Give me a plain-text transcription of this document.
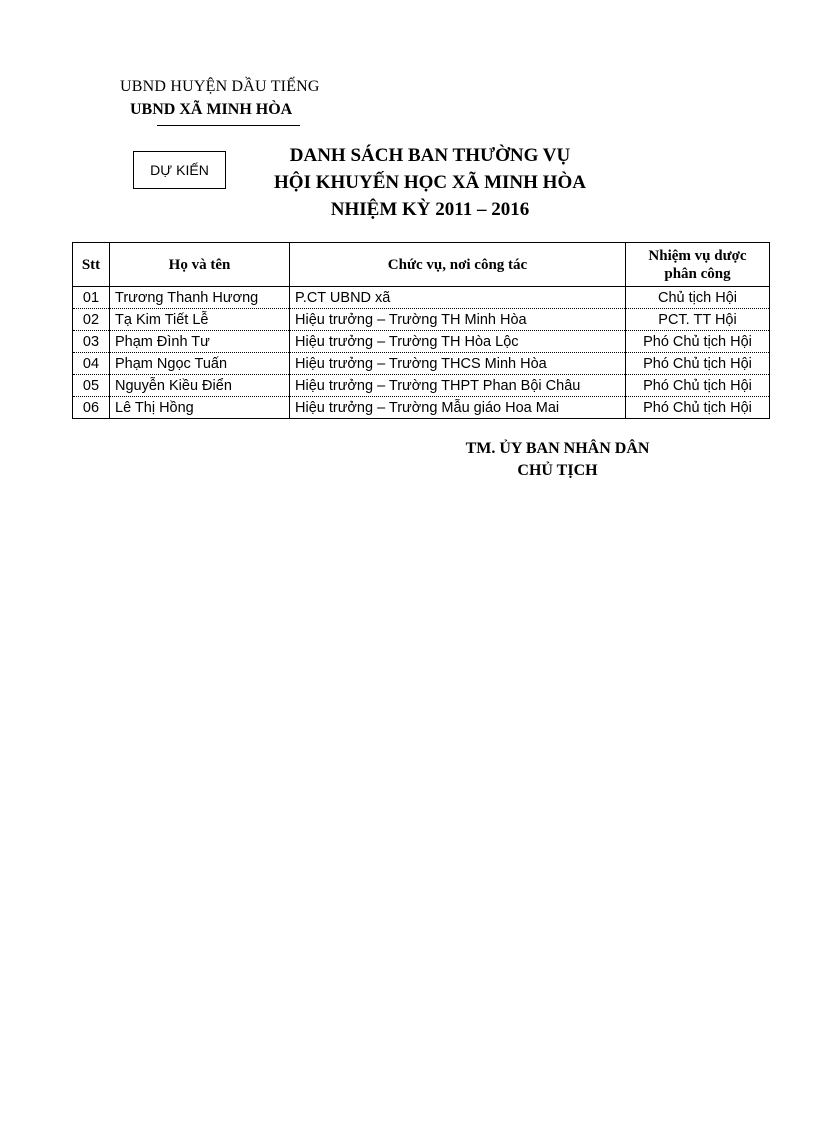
UBND HUYỆN DẦU TIẾNG
UBND XÃ MINH HÒA
DỰ KIẾN
DANH SÁCH BAN THƯỜNG VỤ
HỘI KHUYẾN HỌC XÃ MINH HÒA
NHIỆM KỲ 2011 – 2016
Stt	Họ và tên	Chức vụ, nơi công tác	Nhiệm vụ dược
phân công

01	Trương Thanh Hương	P.CT UBND xã	Chủ tịch Hội
02	Tạ Kim Tiết Lễ	Hiệu trưởng – Trường TH Minh Hòa	PCT. TT Hội
03	Phạm Đình Tư	Hiệu trưởng – Trường TH Hòa Lộc	Phó Chủ tịch Hội
04	Phạm Ngọc Tuấn	Hiệu trưởng – Trường THCS Minh Hòa	Phó Chủ tịch Hội
05	Nguyễn Kiều Điển	Hiệu trưởng – Trường THPT Phan Bội Châu	Phó Chủ tịch Hội
06	Lê Thị Hồng	Hiệu trưởng – Trường Mẫu giáo Hoa Mai	Phó Chủ tịch Hội
TM. ỦY BAN NHÂN DÂN
CHỦ TỊCH
